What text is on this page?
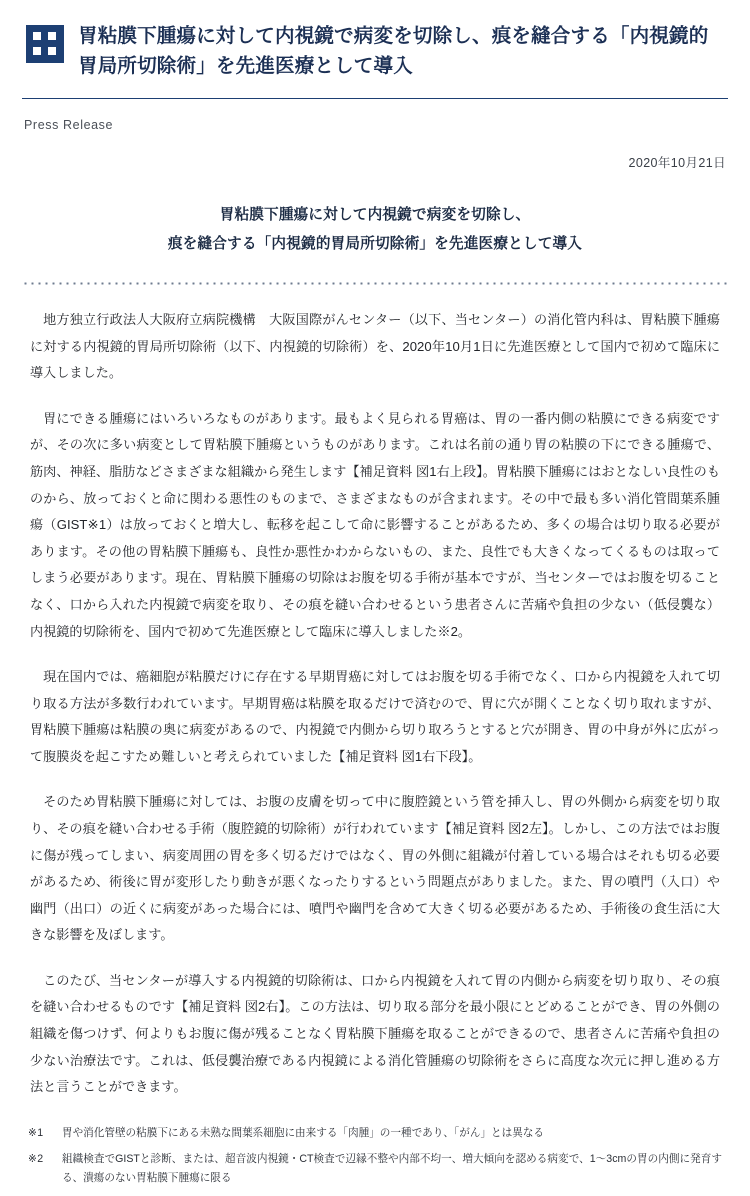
胃粘膜下腫瘍に対して内視鏡で病変を切除し、痕を縫合する「内視鏡的胃局所切除術」を先進医療として導入
Press Release
2020年10月21日
胃粘膜下腫瘍に対して内視鏡で病変を切除し、
痕を縫合する「内視鏡的胃局所切除術」を先進医療として導入

地方独立行政法人大阪府立病院機構　大阪国際がんセンター（以下、当センター）の消化管内科は、胃粘膜下腫瘍に対する内視鏡的胃局所切除術（以下、内視鏡的切除術）を、2020年10月1日に先進医療として国内で初めて臨床に導入しました。

胃にできる腫瘍にはいろいろなものがあります。最もよく見られる胃癌は、胃の一番内側の粘膜にできる病変ですが、その次に多い病変として胃粘膜下腫瘍というものがあります。これは名前の通り胃の粘膜の下にできる腫瘍で、筋肉、神経、脂肪などさまざまな組織から発生します【補足資料 図1右上段】。胃粘膜下腫瘍にはおとなしい良性のものから、放っておくと命に関わる悪性のものまで、さまざまなものが含まれます。その中で最も多い消化管間葉系腫瘍（GIST※1）は放っておくと増大し、転移を起こして命に影響することがあるため、多くの場合は切り取る必要があります。その他の胃粘膜下腫瘍も、良性か悪性かわからないもの、また、良性でも大きくなってくるものは取ってしまう必要があります。現在、胃粘膜下腫瘍の切除はお腹を切る手術が基本ですが、当センターではお腹を切ることなく、口から入れた内視鏡で病変を取り、その痕を縫い合わせるという患者さんに苦痛や負担の少ない（低侵襲な）内視鏡的切除術を、国内で初めて先進医療として臨床に導入しました※2。

現在国内では、癌細胞が粘膜だけに存在する早期胃癌に対してはお腹を切る手術でなく、口から内視鏡を入れて切り取る方法が多数行われています。早期胃癌は粘膜を取るだけで済むので、胃に穴が開くことなく切り取れますが、胃粘膜下腫瘍は粘膜の奥に病変があるので、内視鏡で内側から切り取ろうとすると穴が開き、胃の中身が外に広がって腹膜炎を起こすため難しいと考えられていました【補足資料 図1右下段】。

そのため胃粘膜下腫瘍に対しては、お腹の皮膚を切って中に腹腔鏡という管を挿入し、胃の外側から病変を切り取り、その痕を縫い合わせる手術（腹腔鏡的切除術）が行われています【補足資料 図2左】。しかし、この方法ではお腹に傷が残ってしまい、病変周囲の胃を多く切るだけではなく、胃の外側に組織が付着している場合はそれも切る必要があるため、術後に胃が変形したり動きが悪くなったりするという問題点がありました。また、胃の噴門（入口）や幽門（出口）の近くに病変があった場合には、噴門や幽門を含めて大きく切る必要があるため、手術後の食生活に大きな影響を及ぼします。

このたび、当センターが導入する内視鏡的切除術は、口から内視鏡を入れて胃の内側から病変を切り取り、その痕を縫い合わせるものです【補足資料 図2右】。この方法は、切り取る部分を最小限にとどめることができ、胃の外側の組織を傷つけず、何よりもお腹に傷が残ることなく胃粘膜下腫瘍を取ることができるので、患者さんに苦痛や負担の少ない治療法です。これは、低侵襲治療である内視鏡による消化管腫瘍の切除術をさらに高度な次元に押し進める方法と言うことができます。

※1	胃や消化管壁の粘膜下にある未熟な間葉系細胞に由来する「肉腫」の一種であり、「がん」とは異なる
※2	組織検査でGISTと診断、または、超音波内視鏡・CT検査で辺縁不整や内部不均一、増大傾向を認める病変で、1～3cmの胃の内側に発育する、潰瘍のない胃粘膜下腫瘍に限る
